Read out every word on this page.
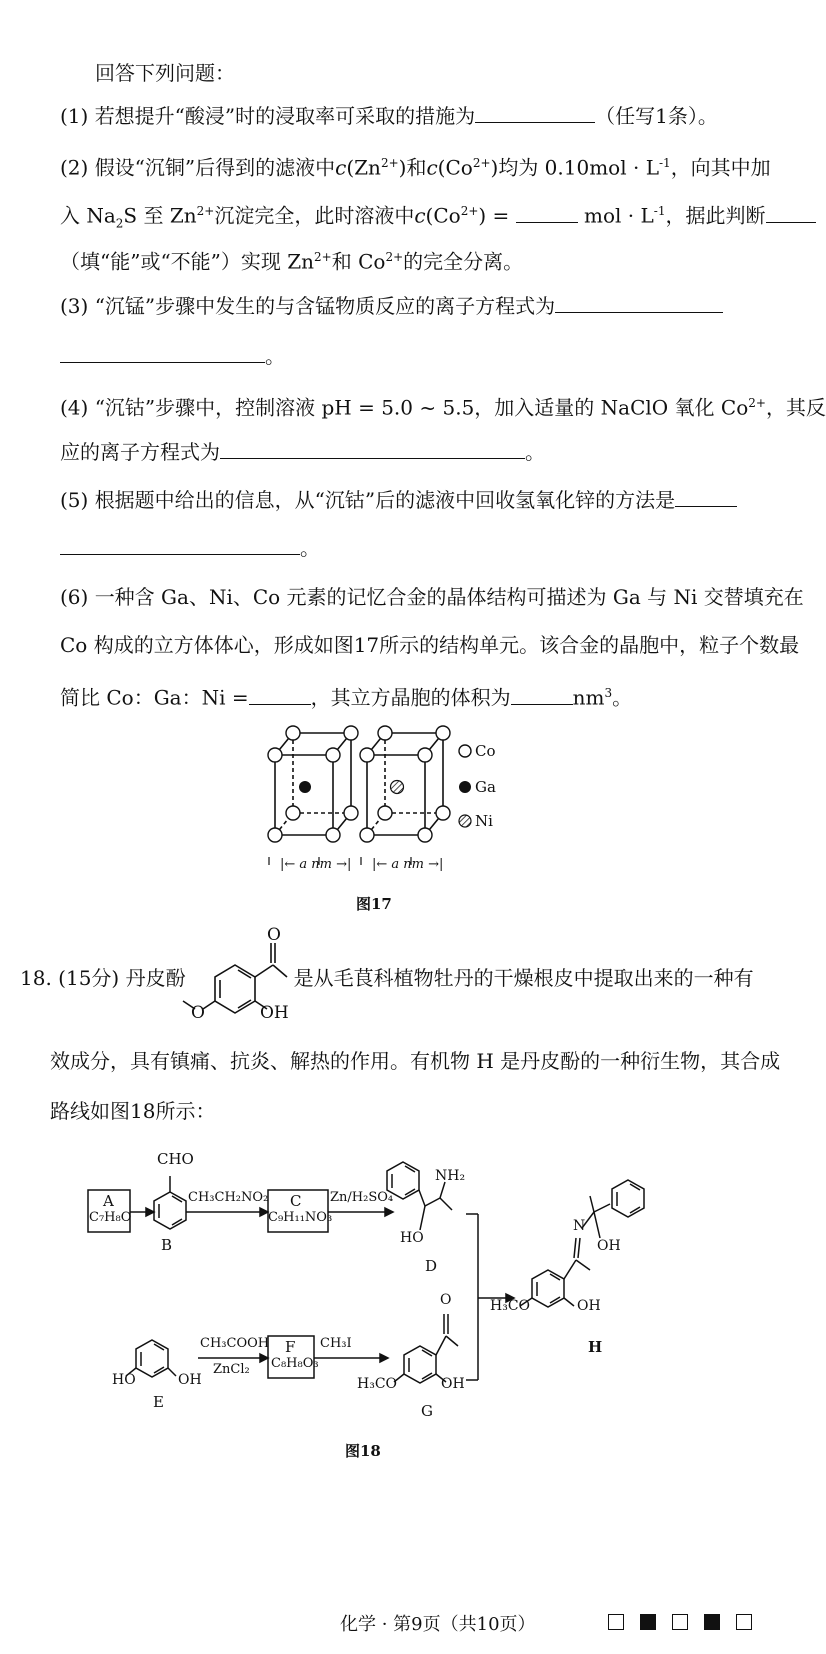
回答下列问题：
(1) 若想提升“酸浸”时的浸取率可采取的措施为	（任写1条）。
(2) 假设“沉铜”后得到的滤液中$c(Zn^{2+})$和$c(Co^{2+})$均为 $0.10mol \cdot L^{-1}$，向其中加
入 $Na_2S$ 至 $Zn^{2+}$沉淀完全，此时溶液中$c(Co^{2+})$ =	mol · $L^{-1}$，据此判断
（填“能”或“不能”）实现 $Zn^{2+}$和 $Co^{2+}$的完全分离。
(3) “沉锰”步骤中发生的与含锰物质反应的离子方程式为
。
(4) “沉钴”步骤中，控制溶液 pH = 5.0 ~ 5.5，加入适量的 NaClO 氧化 $Co^{2+}$，其反
应的离子方程式为	。
(5) 根据题中给出的信息，从“沉钴”后的滤液中回收氢氧化锌的方法是
。
(6) 一种含 Ga、Ni、Co 元素的记忆合金的晶体结构可描述为 Ga 与 Ni 交替填充在
Co 构成的立方体体心，形成如图17所示的结构单元。该合金的晶胞中，粒子个数最
简比 Co：Ga：Ni =	，其立方晶胞的体积为	$nm^3$。
Co
Ga
Ni
|← a nm →| |← a nm →|
图17
18. (15分) 丹皮酚	是从毛茛科植物牡丹的干燥根皮中提取出来的一种有
O
OH
O
效成分，具有镇痛、抗炎、解热的作用。有机物 H 是丹皮酚的一种衍生物，其合成
路线如图18所示：
A
C₇H₈O
B
CHO
CH₃CH₂NO₂ C
C₉H₁₁NO₃
Zn/H₂SO₄
NH₂
HO
D
N
OH
H₃CO	OH
H
HO	OH
E
CH₃COOH
ZnCl₂
F
C₈H₈O₃
CH₃I
O
H₃CO	OH
G
图18
化学 · 第9页（共10页）
